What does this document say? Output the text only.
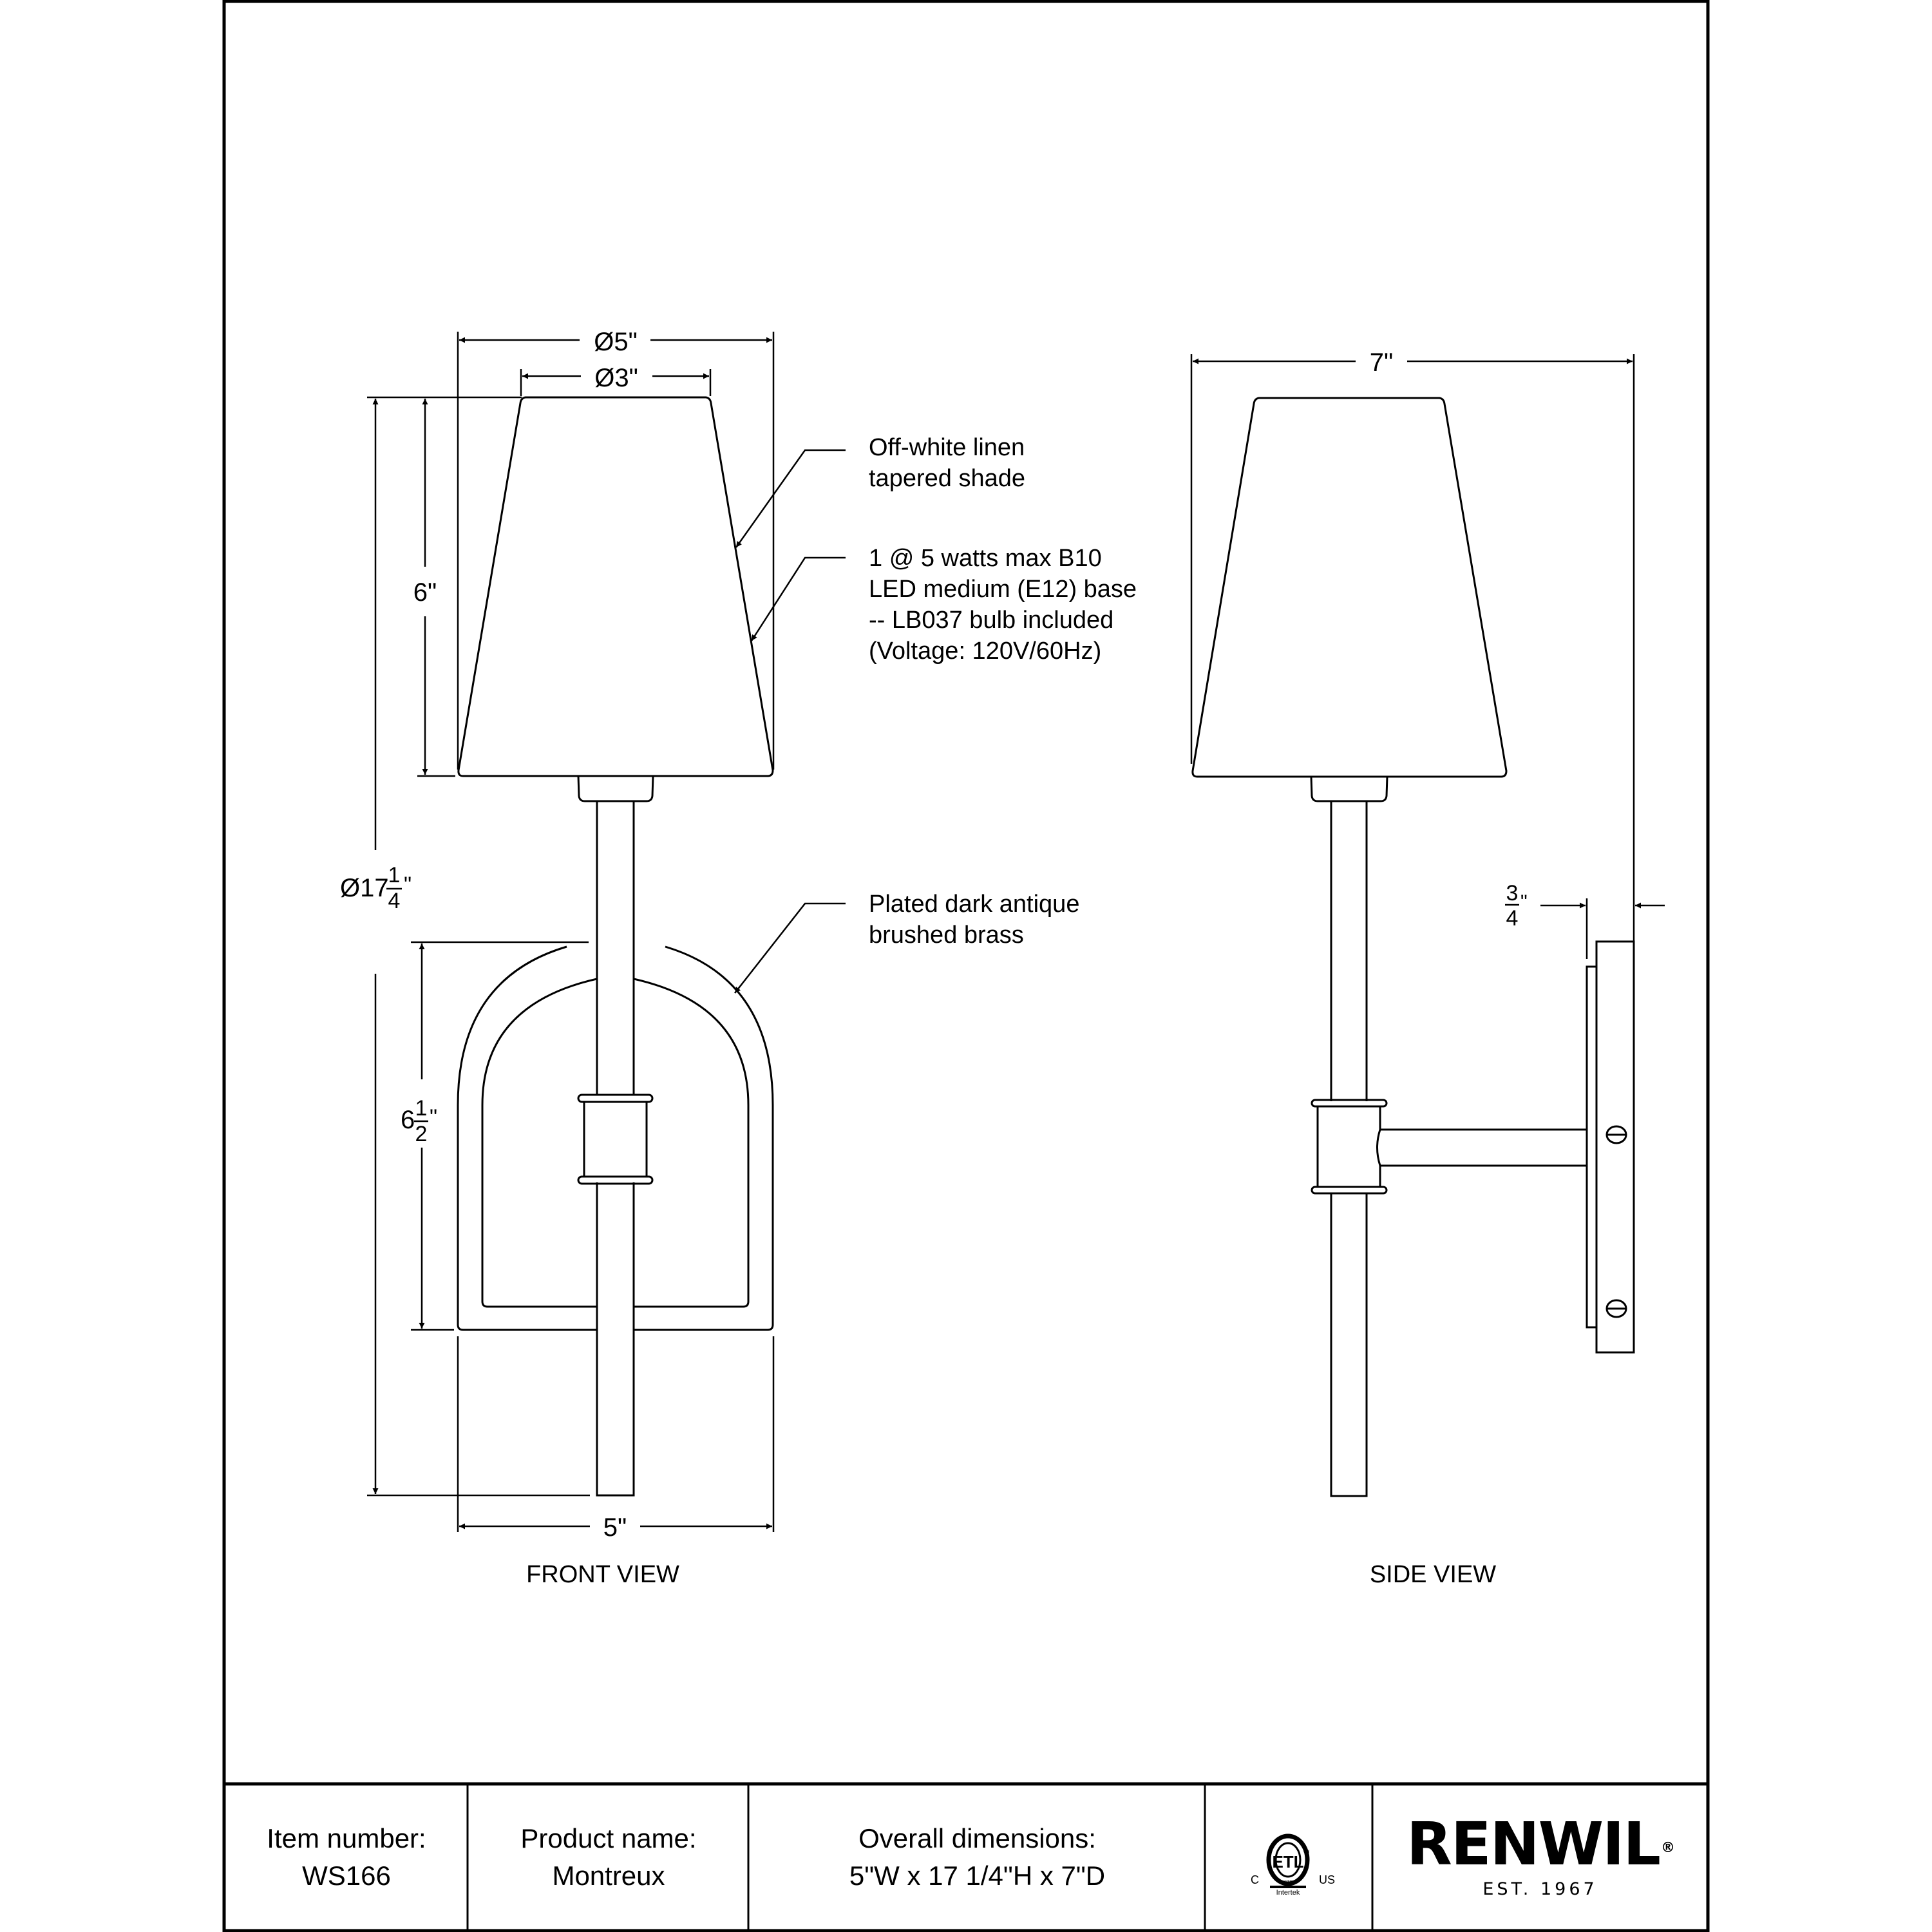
Ø5"
Ø3"
6"
Ø17
1
4
"
6 1
2
"
5"
FRONT VIEW
Off-white linen tapered shade
1 @ 5 watts max B10 LED medium (E12) base -- LB037 bulb included (Voltage: 120V/60Hz)
Plated dark antique brushed brass
7"
3
4
"
SIDE VIEW
C	US
ETL CM
LISTED
Intertek
Item number:
WS166
Product name:
Montreux
Overall dimensions:
5"W x 17 1/4"H x 7"D	RENWIL®
EST. 1967
